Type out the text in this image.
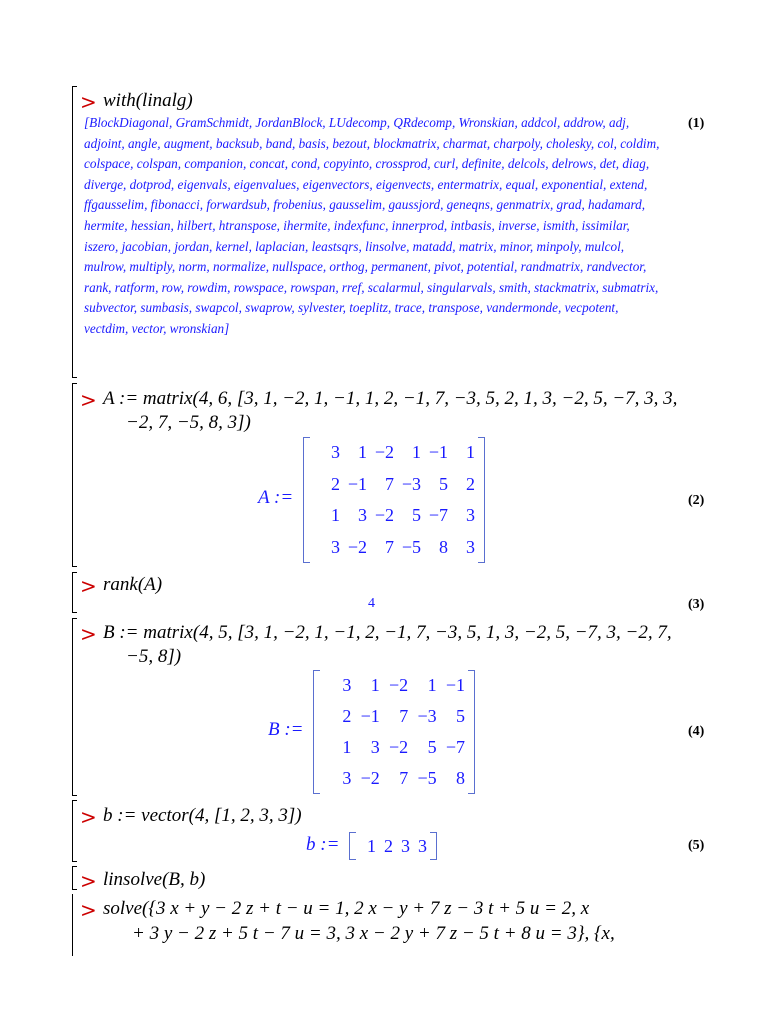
> with(linalg)
[BlockDiagonal, GramSchmidt, JordanBlock, LUdecomp, QRdecomp, Wronskian, addcol, addrow, adj, adjoint, angle, augment, backsub, band, basis, bezout, blockmatrix, charmat, charpoly, cholesky, col, coldim, colspace, colspan, companion, concat, cond, copyinto, crossprod, curl, definite, delcols, delrows, det, diag, diverge, dotprod, eigenvals, eigenvalues, eigenvectors, eigenvects, entermatrix, equal, exponential, extend, ffgausselim, fibonacci, forwardsub, frobenius, gausselim, gaussjord, geneqns, genmatrix, grad, hadamard, hermite, hessian, hilbert, htranspose, ihermite, indexfunc, innerprod, intbasis, inverse, ismith, issimilar, iszero, jacobian, jordan, kernel, laplacian, leastsqrs, linsolve, matadd, matrix, minor, minpoly, mulcol, mulrow, multiply, norm, normalize, nullspace, orthog, permanent, pivot, potential, randmatrix, randvector, rank, ratform, row, rowdim, rowspace, rowspan, rref, scalarmul, singularvals, smith, stackmatrix, submatrix, subvector, sumbasis, swapcol, swaprow, sylvester, toeplitz, trace, transpose, vandermonde, vecpotent, vectdim, vector, wronskian]
(1)
> A := matrix(4, 6, [3, 1, −2, 1, −1, 1, 2, −1, 7, −3, 5, 2, 1, 3, −2, 5, −7, 3, 3,
−2, 7, −5, 8, 3])
A :=
3	1 −2	1 −1	1
2 −1	7 −3	5	2
1	3 −2	5 −7	3
3 −2	7 −5	8	3
(2)
> rank(A)
4	(3)
> B := matrix(4, 5, [3, 1, −2, 1, −1, 2, −1, 7, −3, 5, 1, 3, −2, 5, −7, 3, −2, 7,
−5, 8])
B :=
3	1 −2	1 −1
2 −1	7 −3	5
1	3 −2	5 −7
3 −2	7 −5	8
(4)
> b := vector(4, [1, 2, 3, 3])
b :=	1 2 3 3	(5)
> linsolve(B, b)
> solve({3 x + y − 2 z + t − u = 1, 2 x − y + 7 z − 3 t + 5 u = 2, x
+ 3 y − 2 z + 5 t − 7 u = 3, 3 x − 2 y + 7 z − 5 t + 8 u = 3}, {x,
